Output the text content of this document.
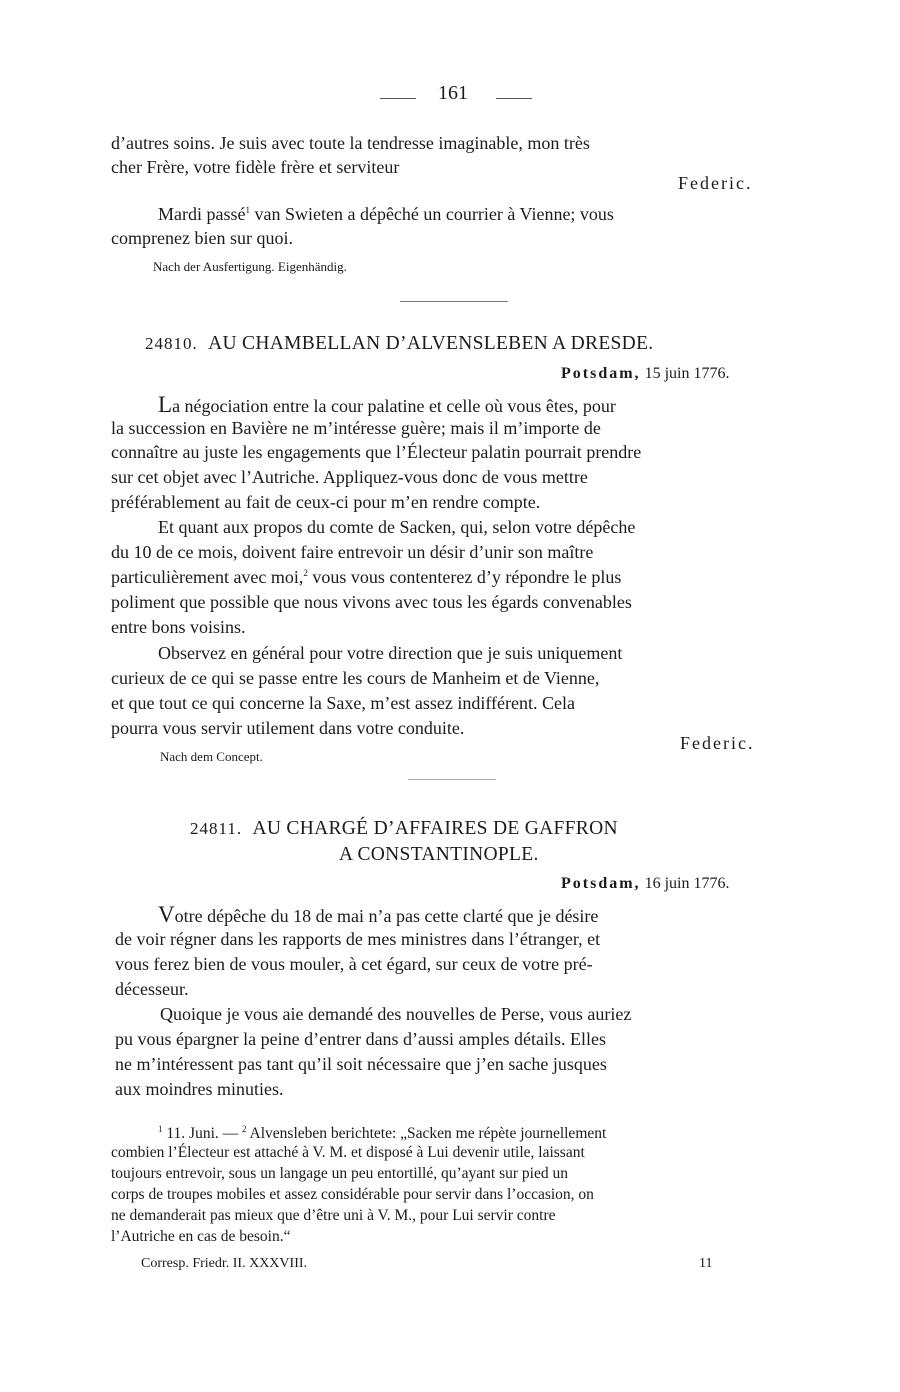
161

d’autres soins. Je suis avec toute la tendresse imaginable, mon très

cher Frère, votre fidèle frère et serviteur

Federic.

Mardi passé$^1$ van Swieten a dépêché un courrier à Vienne; vous

comprenez bien sur quoi.

Nach der Ausfertigung. Eigenhändig.

24810. AU CHAMBELLAN D’ALVENSLEBEN A DRESDE.

Potsdam, 15 juin 1776.

La négociation entre la cour palatine et celle où vous êtes, pour

la succession en Bavière ne m’intéresse guère; mais il m’importe de

connaître au juste les engagements que l’Électeur palatin pourrait prendre

sur cet objet avec l’Autriche. Appliquez-vous donc de vous mettre

préférablement au fait de ceux-ci pour m’en rendre compte.

Et quant aux propos du comte de Sacken, qui, selon votre dépêche

du 10 de ce mois, doivent faire entrevoir un désir d’unir son maître

particulièrement avec moi,$^2$ vous vous contenterez d’y répondre le plus

poliment que possible que nous vivons avec tous les égards convenables

entre bons voisins.

Observez en général pour votre direction que je suis uniquement

curieux de ce qui se passe entre les cours de Manheim et de Vienne,

et que tout ce qui concerne la Saxe, m’est assez indifférent. Cela

pourra vous servir utilement dans votre conduite.

Federic.

Nach dem Concept.

24811. AU CHARGÉ D’AFFAIRES DE GAFFRON

A CONSTANTINOPLE.

Potsdam, 16 juin 1776.

Votre dépêche du 18 de mai n’a pas cette clarté que je désire

de voir régner dans les rapports de mes ministres dans l’étranger, et

vous ferez bien de vous mouler, à cet égard, sur ceux de votre pré-

décesseur.

Quoique je vous aie demandé des nouvelles de Perse, vous auriez

pu vous épargner la peine d’entrer dans d’aussi amples détails. Elles

ne m’intéressent pas tant qu’il soit nécessaire que j’en sache jusques

aux moindres minuties.

$^1$ 11. Juni. — $^2$ Alvensleben berichtete: „Sacken me répète journellement

combien l’Électeur est attaché à V. M. et disposé à Lui devenir utile, laissant

toujours entrevoir, sous un langage un peu entortillé, qu’ayant sur pied un

corps de troupes mobiles et assez considérable pour servir dans l’occasion, on

ne demanderait pas mieux que d’être uni à V. M., pour Lui servir contre

l’Autriche en cas de besoin.“

Corresp. Friedr. II. XXXVIII.	11
